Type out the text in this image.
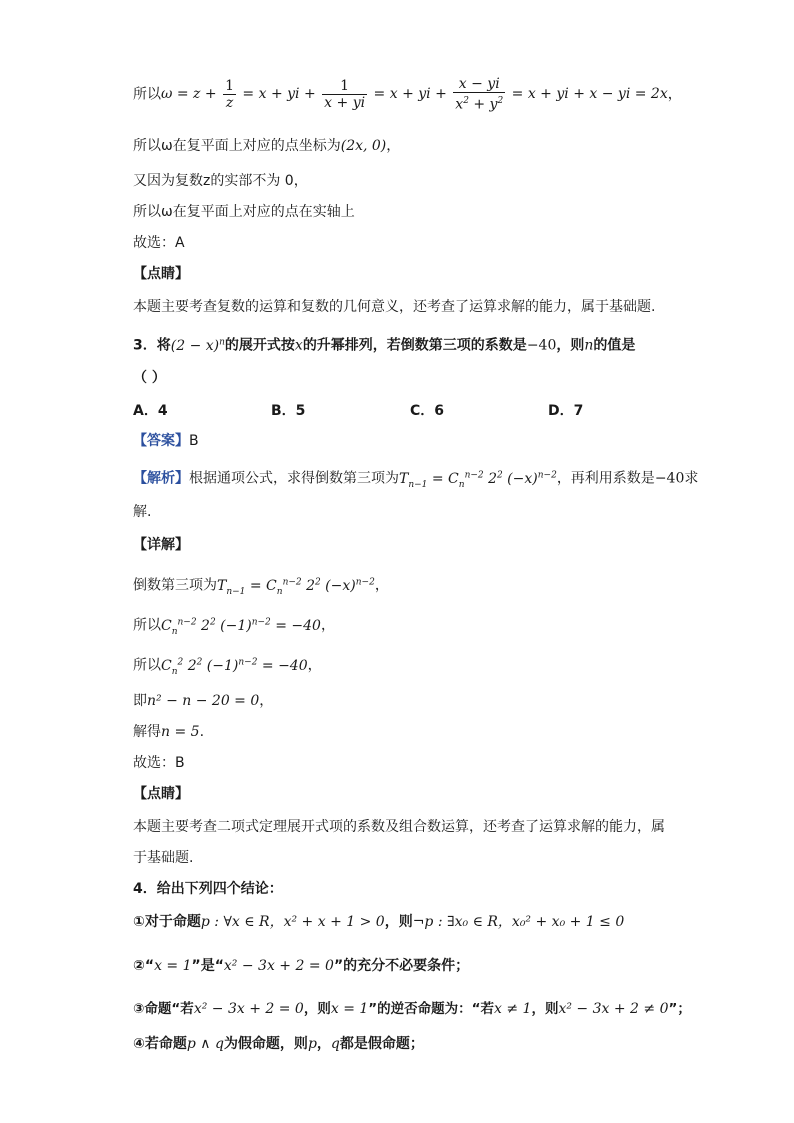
所以$\omega = z + \frac{1}{z} = x$ + yi + $\frac{1}{x + yi} = x$ + yi + $\frac{x - yi}{x^2 + y^2} = x$ + yi + x − yi = 2x，
所以ω在复平面上对应的点坐标为(2x, 0)，
又因为复数z的实部不为 0，
所以ω在复平面上对应的点在实轴上
故选：A
【点睛】
本题主要考查复数的运算和复数的几何意义，还考查了运算求解的能力，属于基础题.
3．将$(2 - x)^n$的展开式按x的升幂排列，若倒数第三项的系数是−40，则n的值是
（ ）
A．4	B．5	C．6	D．7
【答案】B
【解析】根据通项公式，求得倒数第三项为$T_{n-1} = C_n^{n-2}$ $2^2$ $(-x)^{n-2}$，再利用系数是−40求
解.
【详解】
倒数第三项为$T_{n-1} = C_n^{n-2}$ $2^2$ $(-x)^{n-2}$，
所以$C_n^{n-2}$ $2^2$ $(-1)^{n-2} = -40$，
所以$C_n^2$ $2^2$ $(-1)^{n-2} = -40$，
即n² − n − 20 = 0，
解得n = 5.
故选：B
【点睛】
本题主要考查二项式定理展开式项的系数及组合数运算，还考查了运算求解的能力，属
于基础题.
4．给出下列四个结论：
①对于命题p : ∀x ∈ R，x² + x + 1 > 0，则¬p : ∃x₀ ∈ R，x₀² + x₀ + 1 ≤ 0
②“x = 1”是“x² − 3x + 2 = 0”的充分不必要条件；
③命题“若x² − 3x + 2 = 0，则x = 1”的逆否命题为：“若x ≠ 1，则x² − 3x + 2 ≠ 0”；
④若命题p ∧ q为假命题，则p，q都是假命题；
